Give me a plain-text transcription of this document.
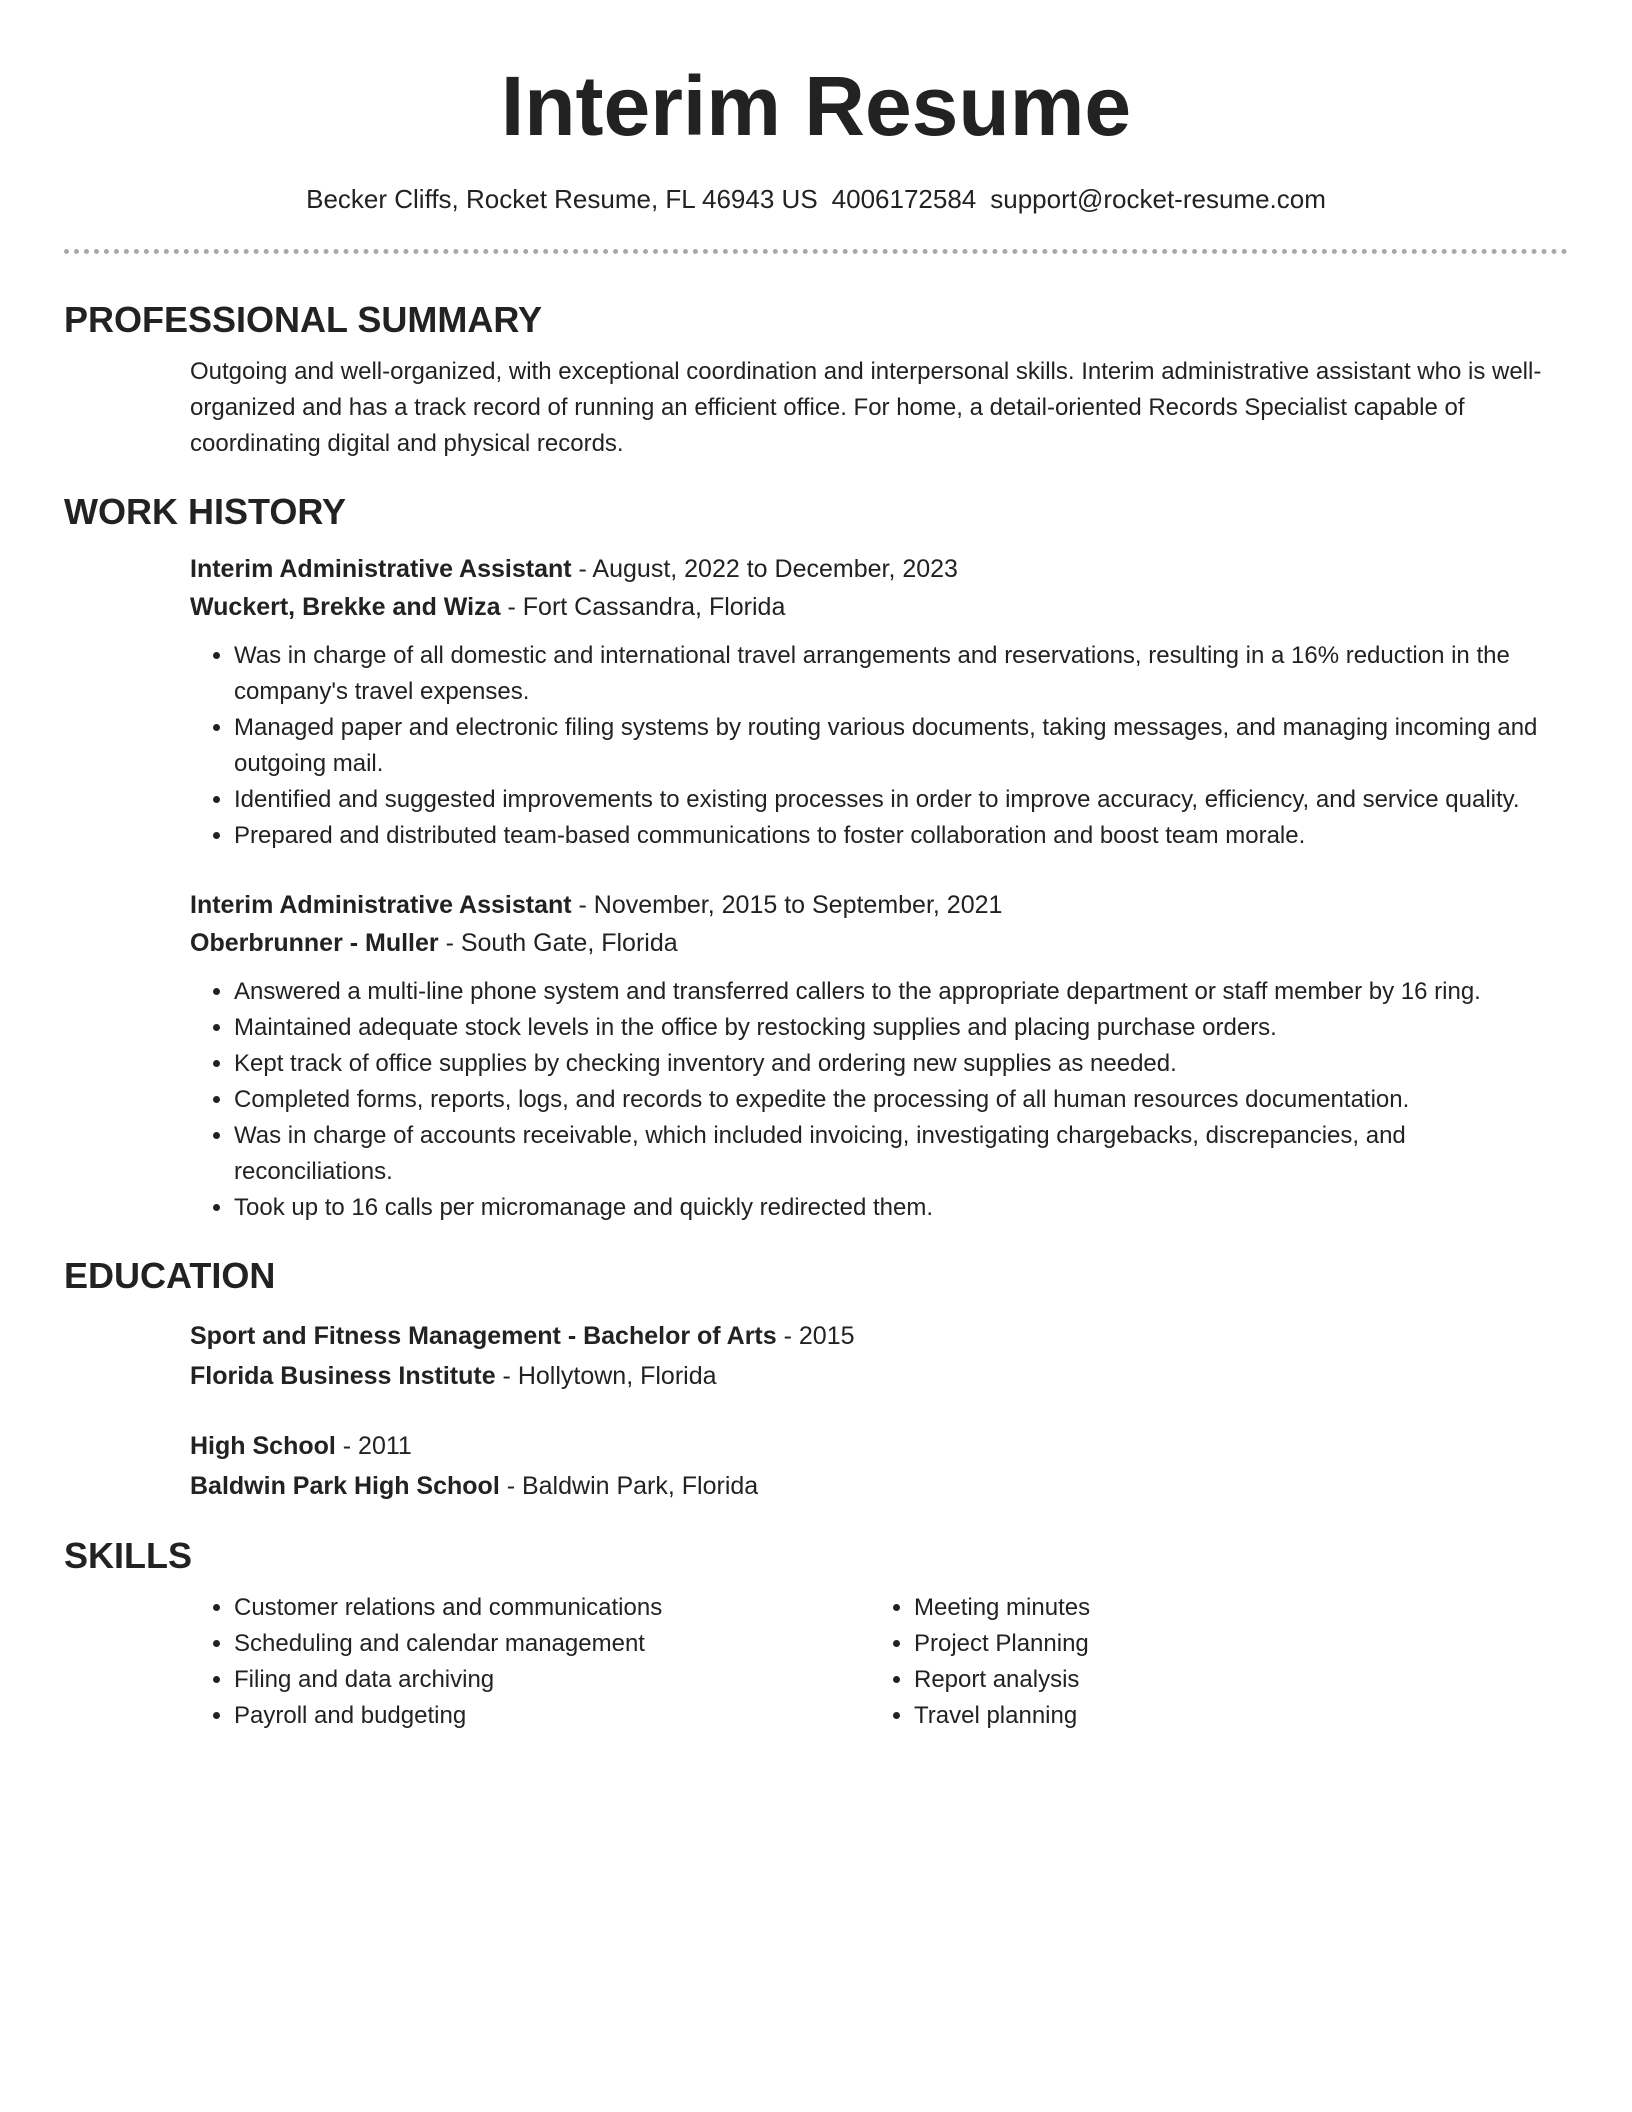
Interim Resume
Becker Cliffs, Rocket Resume, FL 46943 US 4006172584 support@rocket-resume.com
PROFESSIONAL SUMMARY

Outgoing and well-organized, with exceptional coordination and interpersonal skills. Interim administrative assistant who is well-organized and has a track record of running an efficient office. For home, a detail-oriented Records Specialist capable of coordinating digital and physical records.

WORK HISTORY
Interim Administrative Assistant - August, 2022 to December, 2023
Wuckert, Brekke and Wiza - Fort Cassandra, Florida
• Was in charge of all domestic and international travel arrangements and reservations, resulting in a 16% reduction in the company's travel expenses.
• Managed paper and electronic filing systems by routing various documents, taking messages, and managing incoming and outgoing mail.
• Identified and suggested improvements to existing processes in order to improve accuracy, efficiency, and service quality.
• Prepared and distributed team-based communications to foster collaboration and boost team morale.
Interim Administrative Assistant - November, 2015 to September, 2021
Oberbrunner - Muller - South Gate, Florida
• Answered a multi-line phone system and transferred callers to the appropriate department or staff member by 16 ring.
• Maintained adequate stock levels in the office by restocking supplies and placing purchase orders.
• Kept track of office supplies by checking inventory and ordering new supplies as needed.
• Completed forms, reports, logs, and records to expedite the processing of all human resources documentation.
• Was in charge of accounts receivable, which included invoicing, investigating chargebacks, discrepancies, and reconciliations.
• Took up to 16 calls per micromanage and quickly redirected them.
EDUCATION
Sport and Fitness Management - Bachelor of Arts - 2015
Florida Business Institute - Hollytown, Florida
High School - 2011
Baldwin Park High School - Baldwin Park, Florida
SKILLS
• Customer relations and communications
• Scheduling and calendar management
• Filing and data archiving
• Payroll and budgeting
• Meeting minutes
• Project Planning
• Report analysis
• Travel planning
